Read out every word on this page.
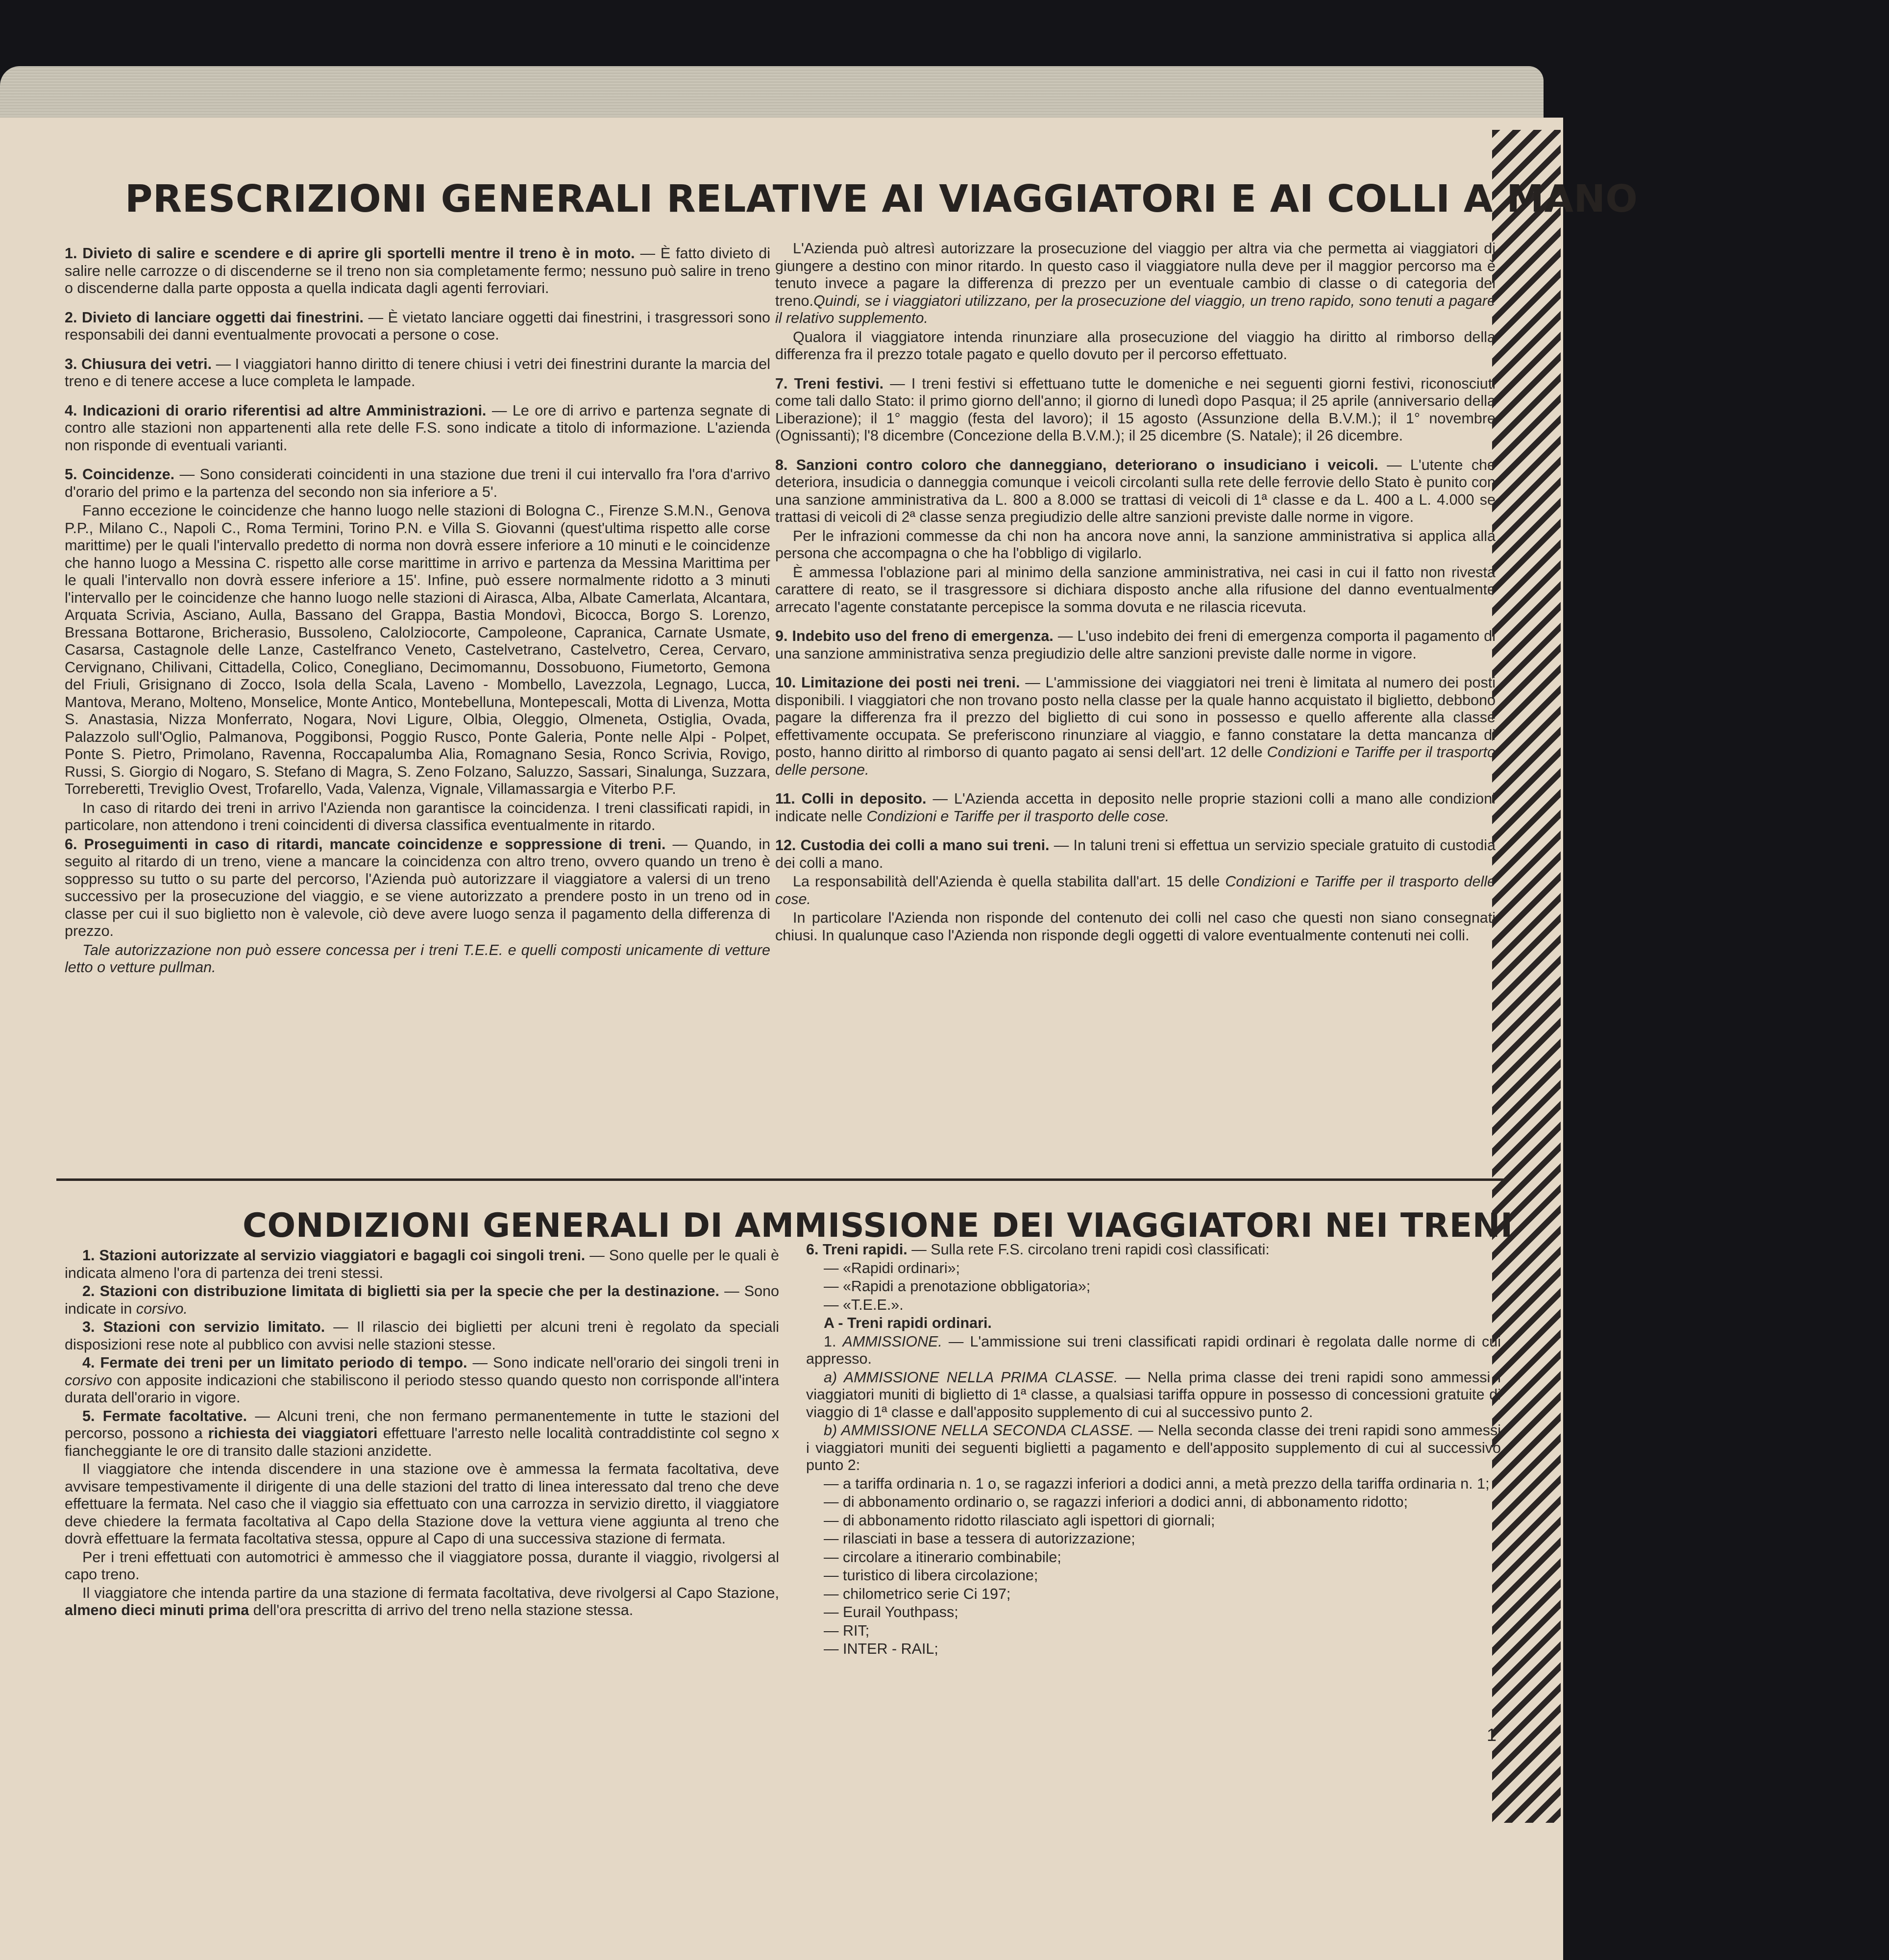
PRESCRIZIONI GENERALI RELATIVE AI VIAGGIATORI E AI COLLI A MANO

1. Divieto di salire e scendere e di aprire gli sportelli mentre il treno è in moto. — È fatto divieto di salire nelle carrozze o di discenderne se il treno non sia completamente fermo; nessuno può salire in treno o discenderne dalla parte opposta a quella indicata dagli agenti ferroviari.

2. Divieto di lanciare oggetti dai finestrini. — È vietato lanciare oggetti dai finestrini, i trasgressori sono responsabili dei danni eventualmente provocati a persone o cose.

3. Chiusura dei vetri. — I viaggiatori hanno diritto di tenere chiusi i vetri dei finestrini durante la marcia del treno e di tenere accese a luce completa le lampade.

4. Indicazioni di orario riferentisi ad altre Amministrazioni. — Le ore di arrivo e partenza segnate di contro alle stazioni non appartenenti alla rete delle F.S. sono indicate a titolo di informazione. L'azienda non risponde di eventuali varianti.

5. Coincidenze. — Sono considerati coincidenti in una stazione due treni il cui intervallo fra l'ora d'arrivo d'orario del primo e la partenza del secondo non sia inferiore a 5'.

Fanno eccezione le coincidenze che hanno luogo nelle stazioni di Bologna C., Firenze S.M.N., Genova P.P., Milano C., Napoli C., Roma Termini, Torino P.N. e Villa S. Giovanni (quest'ultima rispetto alle corse marittime) per le quali l'intervallo predetto di norma non dovrà essere inferiore a 10 minuti e le coincidenze che hanno luogo a Messina C. rispetto alle corse marittime in arrivo e partenza da Messina Marittima per le quali l'intervallo non dovrà essere inferiore a 15'. Infine, può essere normalmente ridotto a 3 minuti l'intervallo per le coincidenze che hanno luogo nelle stazioni di Airasca, Alba, Albate Camerlata, Alcantara, Arquata Scrivia, Asciano, Aulla, Bassano del Grappa, Bastia Mondovì, Bicocca, Borgo S. Lorenzo, Bressana Bottarone, Bricherasio, Bussoleno, Calolziocorte, Campoleone, Capranica, Carnate Usmate, Casarsa, Castagnole delle Lanze, Castelfranco Veneto, Castelvetrano, Castelvetro, Cerea, Cervaro, Cervignano, Chilivani, Cittadella, Colico, Conegliano, Decimomannu, Dossobuono, Fiumetorto, Gemona del Friuli, Grisignano di Zocco, Isola della Scala, Laveno - Mombello, Lavezzola, Legnago, Lucca, Mantova, Merano, Molteno, Monselice, Monte Antico, Montebelluna, Montepescali, Motta di Livenza, Motta S. Anastasia, Nizza Monferrato, Nogara, Novi Ligure, Olbia, Oleggio, Olmeneta, Ostiglia, Ovada, Palazzolo sull'Oglio, Palmanova, Poggibonsi, Poggio Rusco, Ponte Galeria, Ponte nelle Alpi - Polpet, Ponte S. Pietro, Primolano, Ravenna, Roccapalumba Alia, Romagnano Sesia, Ronco Scrivia, Rovigo, Russi, S. Giorgio di Nogaro, S. Stefano di Magra, S. Zeno Folzano, Saluzzo, Sassari, Sinalunga, Suzzara, Torreberetti, Treviglio Ovest, Trofarello, Vada, Valenza, Vignale, Villamassargia e Viterbo P.F.

In caso di ritardo dei treni in arrivo l'Azienda non garantisce la coincidenza. I treni classificati rapidi, in particolare, non attendono i treni coincidenti di diversa classifica eventualmente in ritardo.

6. Proseguimenti in caso di ritardi, mancate coincidenze e soppressione di treni. — Quando, in seguito al ritardo di un treno, viene a mancare la coincidenza con altro treno, ovvero quando un treno è soppresso su tutto o su parte del percorso, l'Azienda può autorizzare il viaggiatore a valersi di un treno successivo per la prosecuzione del viaggio, e se viene autorizzato a prendere posto in un treno od in classe per cui il suo biglietto non è valevole, ciò deve avere luogo senza il pagamento della differenza di prezzo.

Tale autorizzazione non può essere concessa per i treni T.E.E. e quelli composti unicamente di vetture letto o vetture pullman.

L'Azienda può altresì autorizzare la prosecuzione del viaggio per altra via che permetta ai viaggiatori di giungere a destino con minor ritardo. In questo caso il viaggiatore nulla deve per il maggior percorso ma è tenuto invece a pagare la differenza di prezzo per un eventuale cambio di classe o di categoria del treno.Quindi, se i viaggiatori utilizzano, per la prosecuzione del viaggio, un treno rapido, sono tenuti a pagare il relativo supplemento.

Qualora il viaggiatore intenda rinunziare alla prosecuzione del viaggio ha diritto al rimborso della differenza fra il prezzo totale pagato e quello dovuto per il percorso effettuato.

7. Treni festivi. — I treni festivi si effettuano tutte le domeniche e nei seguenti giorni festivi, riconosciuti come tali dallo Stato: il primo giorno dell'anno; il giorno di lunedì dopo Pasqua; il 25 aprile (anniversario della Liberazione); il 1° maggio (festa del lavoro); il 15 agosto (Assunzione della B.V.M.); il 1° novembre (Ognissanti); l'8 dicembre (Concezione della B.V.M.); il 25 dicembre (S. Natale); il 26 dicembre.

8. Sanzioni contro coloro che danneggiano, deteriorano o insudiciano i veicoli. — L'utente che deteriora, insudicia o danneggia comunque i veicoli circolanti sulla rete delle ferrovie dello Stato è punito con una sanzione amministrativa da L. 800 a 8.000 se trattasi di veicoli di 1ª classe e da L. 400 a L. 4.000 se trattasi di veicoli di 2ª classe senza pregiudizio delle altre sanzioni previste dalle norme in vigore.

Per le infrazioni commesse da chi non ha ancora nove anni, la sanzione amministrativa si applica alla persona che accompagna o che ha l'obbligo di vigilarlo.

È ammessa l'oblazione pari al minimo della sanzione amministrativa, nei casi in cui il fatto non rivesta carattere di reato, se il trasgressore si dichiara disposto anche alla rifusione del danno eventualmente arrecato l'agente constatante percepisce la somma dovuta e ne rilascia ricevuta.

9. Indebito uso del freno di emergenza. — L'uso indebito dei freni di emergenza comporta il pagamento di una sanzione amministrativa senza pregiudizio delle altre sanzioni previste dalle norme in vigore.

10. Limitazione dei posti nei treni. — L'ammissione dei viaggiatori nei treni è limitata al numero dei posti disponibili. I viaggiatori che non trovano posto nella classe per la quale hanno acquistato il biglietto, debbono pagare la differenza fra il prezzo del biglietto di cui sono in possesso e quello afferente alla classe effettivamente occupata. Se preferiscono rinunziare al viaggio, e fanno constatare la detta mancanza di posto, hanno diritto al rimborso di quanto pagato ai sensi dell'art. 12 delle Condizioni e Tariffe per il trasporto delle persone.

11. Colli in deposito. — L'Azienda accetta in deposito nelle proprie stazioni colli a mano alle condizioni indicate nelle Condizioni e Tariffe per il trasporto delle cose.

12. Custodia dei colli a mano sui treni. — In taluni treni si effettua un servizio speciale gratuito di custodia dei colli a mano.

La responsabilità dell'Azienda è quella stabilita dall'art. 15 delle Condizioni e Tariffe per il trasporto delle cose.

In particolare l'Azienda non risponde del contenuto dei colli nel caso che questi non siano consegnati chiusi. In qualunque caso l'Azienda non risponde degli oggetti di valore eventualmente contenuti nei colli.

CONDIZIONI GENERALI DI AMMISSIONE DEI VIAGGIATORI NEI TRENI

1. Stazioni autorizzate al servizio viaggiatori e bagagli coi singoli treni. — Sono quelle per le quali è indicata almeno l'ora di partenza dei treni stessi.

2. Stazioni con distribuzione limitata di biglietti sia per la specie che per la destinazione. — Sono indicate in corsivo.

3. Stazioni con servizio limitato. — Il rilascio dei biglietti per alcuni treni è regolato da speciali disposizioni rese note al pubblico con avvisi nelle stazioni stesse.

4. Fermate dei treni per un limitato periodo di tempo. — Sono indicate nell'orario dei singoli treni in corsivo con apposite indicazioni che stabiliscono il periodo stesso quando questo non corrisponde all'intera durata dell'orario in vigore.

5. Fermate facoltative. — Alcuni treni, che non fermano permanentemente in tutte le stazioni del percorso, possono a richiesta dei viaggiatori effettuare l'arresto nelle località contraddistinte col segno x fiancheggiante le ore di transito dalle stazioni anzidette.

Il viaggiatore che intenda discendere in una stazione ove è ammessa la fermata facoltativa, deve avvisare tempestivamente il dirigente di una delle stazioni del tratto di linea interessato dal treno che deve effettuare la fermata. Nel caso che il viaggio sia effettuato con una carrozza in servizio diretto, il viaggiatore deve chiedere la fermata facoltativa al Capo della Stazione dove la vettura viene aggiunta al treno che dovrà effettuare la fermata facoltativa stessa, oppure al Capo di una successiva stazione di fermata.

Per i treni effettuati con automotrici è ammesso che il viaggiatore possa, durante il viaggio, rivolgersi al capo treno.

Il viaggiatore che intenda partire da una stazione di fermata facoltativa, deve rivolgersi al Capo Stazione, almeno dieci minuti prima dell'ora prescritta di arrivo del treno nella stazione stessa.

6. Treni rapidi. — Sulla rete F.S. circolano treni rapidi così classificati:

— «Rapidi ordinari»;

— «Rapidi a prenotazione obbligatoria»;

— «T.E.E.».

A - Treni rapidi ordinari.

1. AMMISSIONE. — L'ammissione sui treni classificati rapidi ordinari è regolata dalle norme di cui appresso.

a) AMMISSIONE NELLA PRIMA CLASSE. — Nella prima classe dei treni rapidi sono ammessi i viaggiatori muniti di biglietto di 1ª classe, a qualsiasi tariffa oppure in possesso di concessioni gratuite di viaggio di 1ª classe e dall'apposito supplemento di cui al successivo punto 2.

b) AMMISSIONE NELLA SECONDA CLASSE. — Nella seconda classe dei treni rapidi sono ammessi i viaggiatori muniti dei seguenti biglietti a pagamento e dell'apposito supplemento di cui al successivo punto 2:

— a tariffa ordinaria n. 1 o, se ragazzi inferiori a dodici anni, a metà prezzo della tariffa ordinaria n. 1;

— di abbonamento ordinario o, se ragazzi inferiori a dodici anni, di abbonamento ridotto;

— di abbonamento ridotto rilasciato agli ispettori di giornali;

— rilasciati in base a tessera di autorizzazione;

— circolare a itinerario combinabile;

— turistico di libera circolazione;

— chilometrico serie Ci 197;

— Eurail Youthpass;

— RIT;

— INTER - RAIL;

1
